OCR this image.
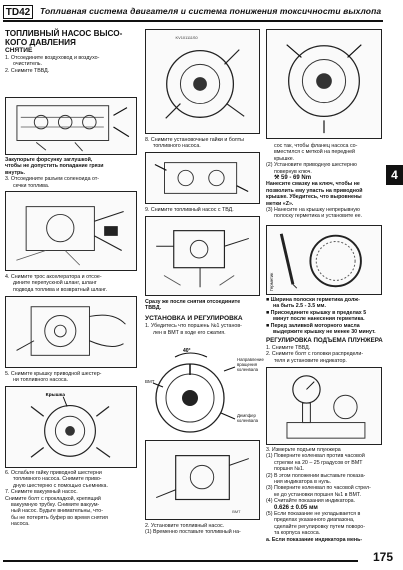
TD42	Топливная система двигателя и система понижения токсичности выхлопа
4

ТОПЛИВНЫЙ НАСОС ВЫСО-

КОГО ДАВЛЕНИЯ

СНЯТИЕ

1. Отсоедините воздуховод и воздухо-

очиститель.

2. Снимите ТВВД.

Закупорьте форсунку заглушкой,

чтобы не допустить попадание грязи

внутрь.

3. Отсоедините разъем соленоида от-

сечки топлива.

4. Снимите трос акселератора и отсое-

дините перепускной шланг, шланг

подвода топлива и возвратный шланг.

5. Снимите крышку приводной шестер-

ни топливного насоса.

Крышка

6. Ослабьте гайку приводной шестерни

топливного насоса. Снимите приво-

дную шестерню с помощью съемника.

7. Снимите вакуумный насос.

Снимите болт с прокладкой, крепящий

вакуумную трубку. Снимите вакуум-

ный насос. Будьте внимательны, что-

бы не потерять буфер во время снятия

насоса.

KV101111S0

8. Снимите установочные гайки и болты

топливного насоса.

9. Снимите топливный насос с ТВД.

Сразу же после снятия отсоедините

ТВВД.

УСТАНОВКА И РЕГУЛИРОВКА

1. Убедитесь что поршень №1 установ-

лен в ВМТ в ходе его сжатия.

40°
Направление
вращения
коленвала
ВМТ
Демпфер
коленвала
ВМТ

2. Установите топливный насос.

(1) Временно поставьте топливный на-

сос так, чтобы фланец насоса со-

вместился с меткой на передней

крышке.

(2) Установите приводную шестерню

повернув ключ.

⚒ 59 - 69 Nm

Нанесите смазку на ключ, чтобы не

позволить ему упасть на приводной

крышке. Убедитесь, что выровнены

метки «Z».

(3) Нанесите на крышку непрерывную

полоску герметика и установите ее.

Герметик

■ Ширина полоски герметика долж-

на быть 2.5 - 3.5 мм.

■ Присоедините крышку в пределах 5

минут после нанесения герметика.

■ Перед заливкой моторного масла

выдержите крышку не менее 30 минут.

РЕГУЛИРОВКА ПОДЪЕМА ПЛУНЖЕРА

1. Снимите ТВВД.

2. Снимите болт с головки распредели-

теля и установите индикатор.

3. Измерьте подъем плунжера

(1) Поверните коленвал против часовой

стрелки на 20 – 25 градусов от ВМТ

поршня №1.

(2) В этом положении выставьте показа-

ния индикатора в нуль.

(3) Поверните коленвал по часовой стрел-

ке до установки поршня №1 в ВМТ.

(4) Считайте показания индикатора.

0.626 ± 0.05 мм

(5) Если показание не укладывается в

пределах указанного диапазона,

сделайте регулировку путем поворо-

та корпуса насоса.

а. Если показание индикатора мень-

175
